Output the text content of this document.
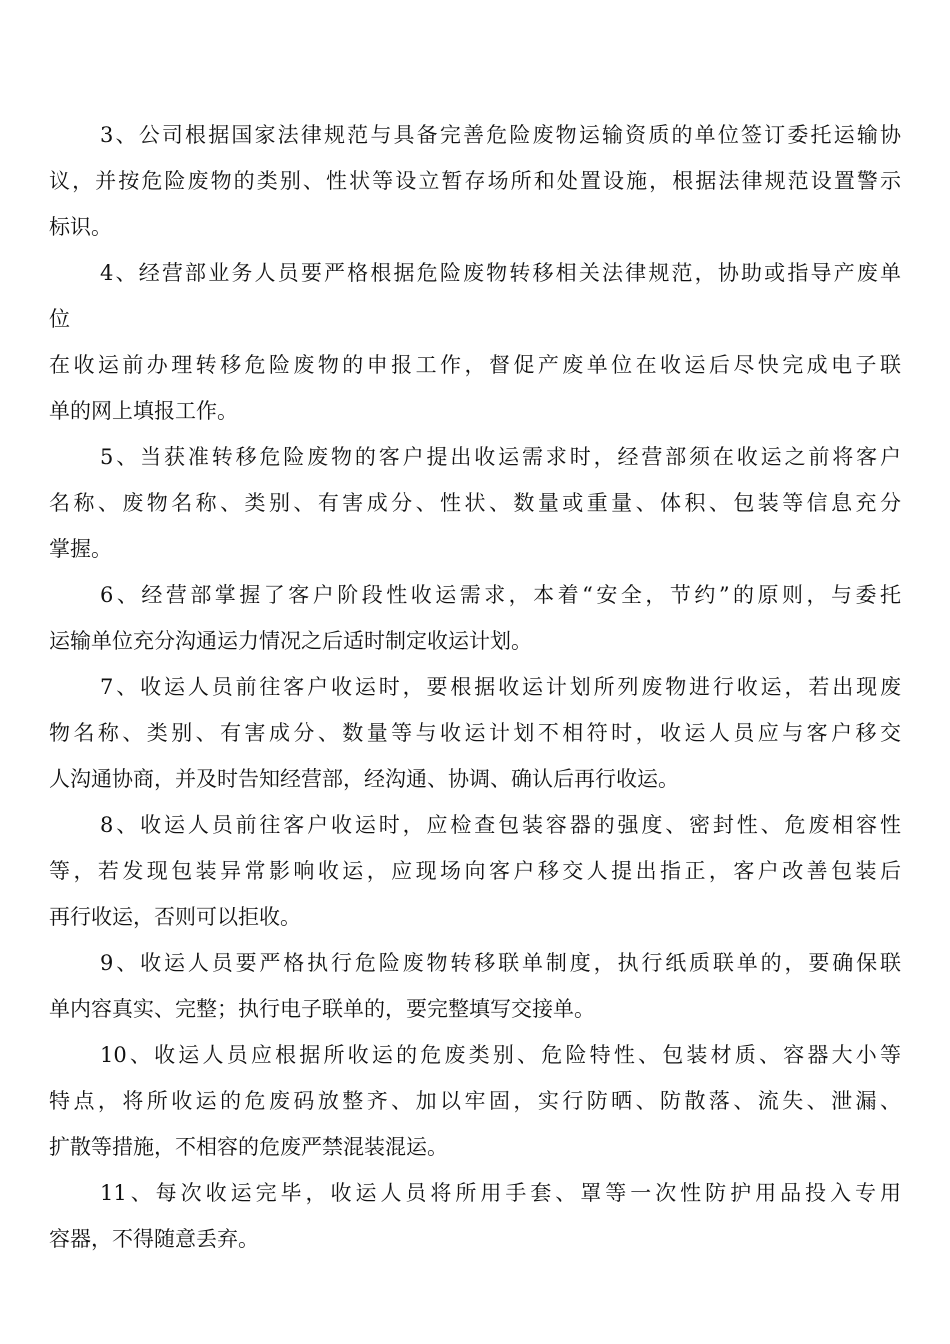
3、公司根据国家法律规范与具备完善危险废物运输资质的单位签订委托运输协
议，并按危险废物的类别、性状等设立暂存场所和处置设施，根据法律规范设置警示
标识。
4、经营部业务人员要严格根据危险废物转移相关法律规范，协助或指导产废单
位
在收运前办理转移危险废物的申报工作，督促产废单位在收运后尽快完成电子联
单的网上填报工作。
5、当获准转移危险废物的客户提出收运需求时，经营部须在收运之前将客户
名称、废物名称、类别、有害成分、性状、数量或重量、体积、包装等信息充分
掌握。
6、经营部掌握了客户阶段性收运需求，本着“安全，节约”的原则，与委托
运输单位充分沟通运力情况之后适时制定收运计划。
7、收运人员前往客户收运时，要根据收运计划所列废物进行收运，若出现废
物名称、类别、有害成分、数量等与收运计划不相符时，收运人员应与客户移交
人沟通协商，并及时告知经营部，经沟通、协调、确认后再行收运。
8、收运人员前往客户收运时，应检查包装容器的强度、密封性、危废相容性
等，若发现包装异常影响收运，应现场向客户移交人提出指正，客户改善包装后
再行收运，否则可以拒收。
9、收运人员要严格执行危险废物转移联单制度，执行纸质联单的，要确保联
单内容真实、完整；执行电子联单的，要完整填写交接单。
10、收运人员应根据所收运的危废类别、危险特性、包装材质、容器大小等
特点，将所收运的危废码放整齐、加以牢固，实行防晒、防散落、流失、泄漏、
扩散等措施，不相容的危废严禁混装混运。
11、每次收运完毕，收运人员将所用手套、罩等一次性防护用品投入专用
容器，不得随意丢弃。
